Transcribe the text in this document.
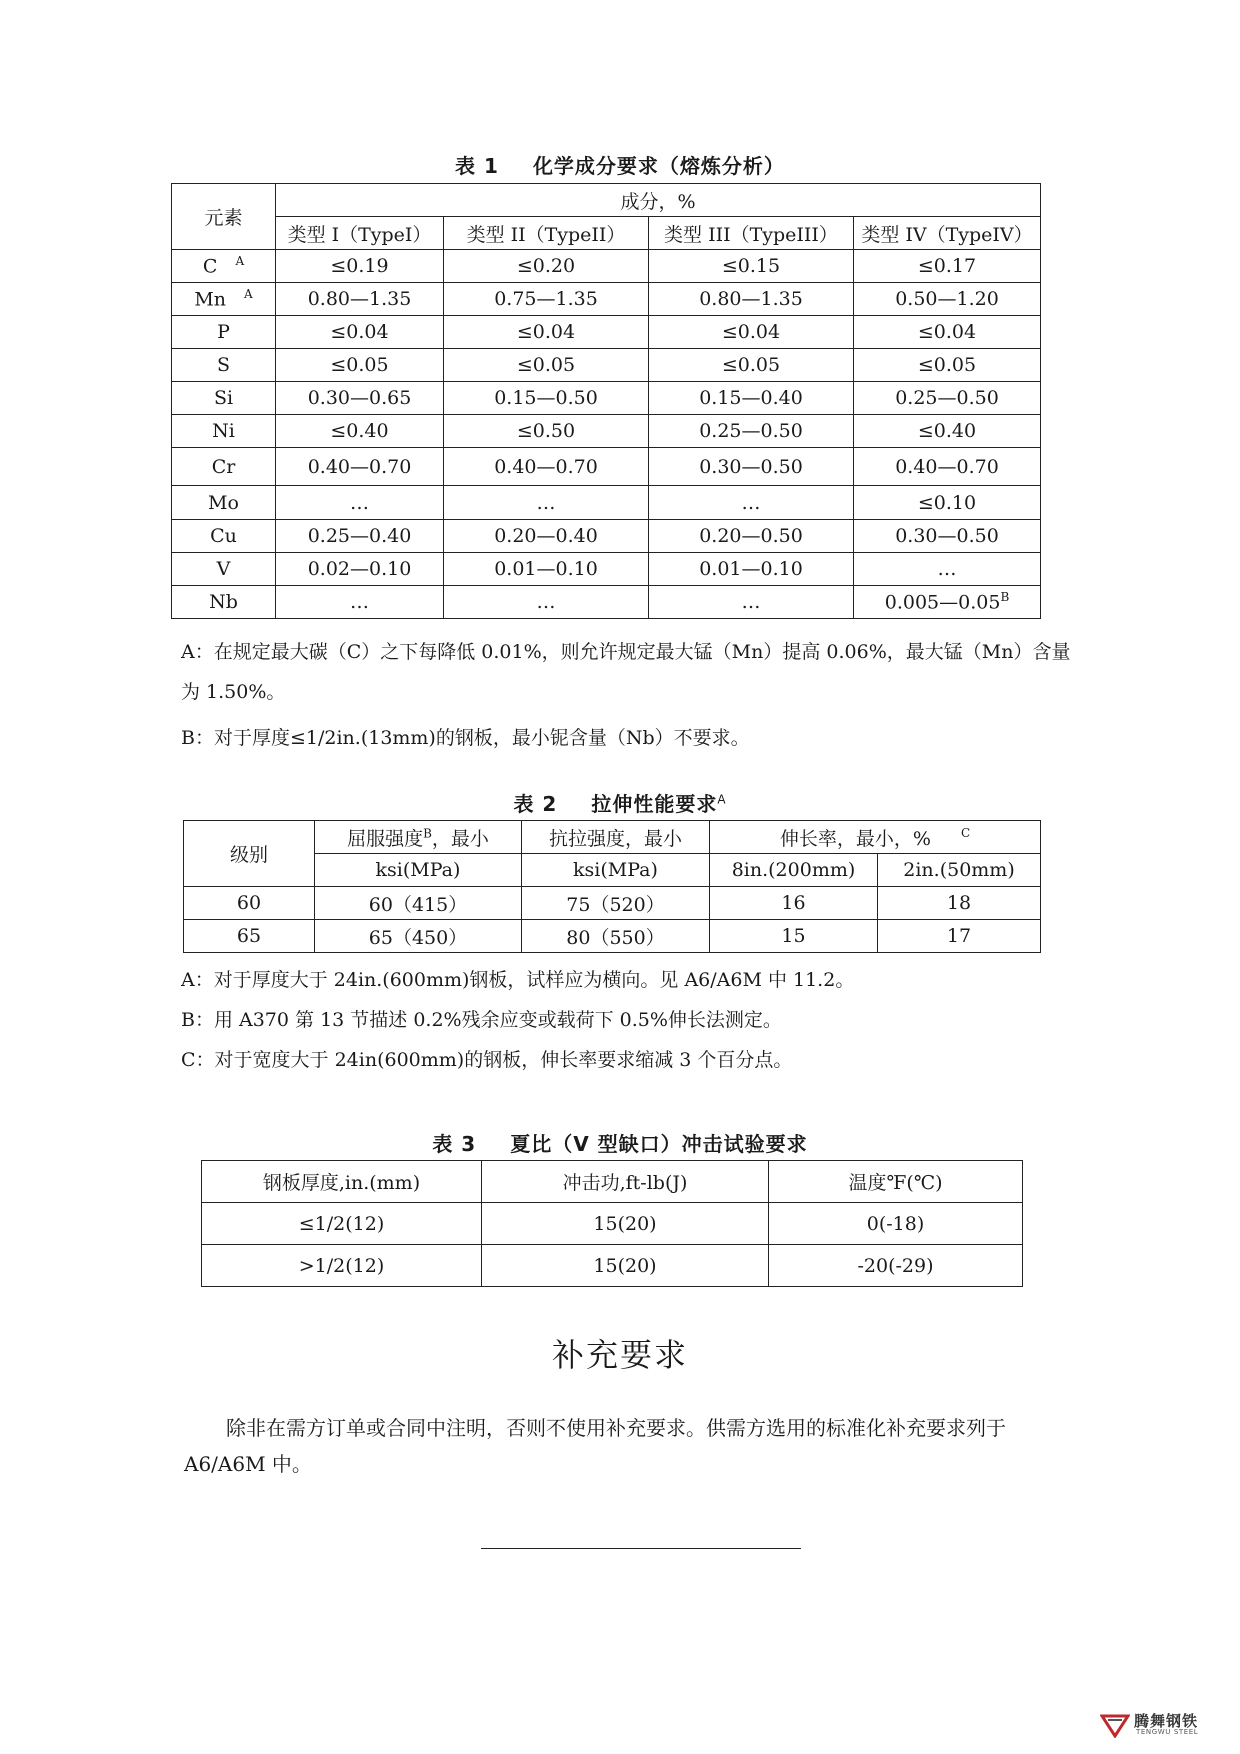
表 1 化学成分要求（熔炼分析）
元素	成分，%			
	类型 I（TypeI）	类型 II（TypeII）	类型 III（TypeIII）	类型 IV（TypeIV）
C $^A$	≤0.19	≤0.20	≤0.15	≤0.17
Mn $^A$	0.80—1.35	0.75—1.35	0.80—1.35	0.50—1.20
P	≤0.04	≤0.04	≤0.04	≤0.04
S	≤0.05	≤0.05	≤0.05	≤0.05
Si	0.30—0.65	0.15—0.50	0.15—0.40	0.25—0.50
Ni	≤0.40	≤0.50	0.25—0.50	≤0.40
Cr	0.40—0.70	0.40—0.70	0.30—0.50	0.40—0.70
Mo	…	…	…	≤0.10
Cu	0.25—0.40	0.20—0.40	0.20—0.50	0.30—0.50
V	0.02—0.10	0.01—0.10	0.01—0.10	…
Nb	…	…	…	$0.005—0.05^B$
A：在规定最大碳（C）之下每降低 0.01%，则允许规定最大锰（Mn）提高 0.06%，最大锰（Mn）含量为 1.50%。
B：对于厚度≤1/2in.(13mm)的钢板，最小铌含量（Nb）不要求。
表 2 拉伸性能要求$^A$
级别	屈服强度$^B$，最小	抗拉强度，最小	伸长率，最小，% $^C$
	ksi(MPa)	ksi(MPa)	8in.(200mm)	2in.(50mm)
60	60（415）	75（520）	16	18
65	65（450）	80（550）	15	17
A：对于厚度大于 24in.(600mm)钢板，试样应为横向。见 A6/A6M 中 11.2。
B：用 A370 第 13 节描述 0.2%残余应变或载荷下 0.5%伸长法测定。
C：对于宽度大于 24in(600mm)的钢板，伸长率要求缩减 3 个百分点。
表 3 夏比（V 型缺口）冲击试验要求
钢板厚度,in.(mm)	冲击功,ft-lb(J)	温度℉(℃)
≤1/2(12)	15(20)	0(-18)
>1/2(12)	15(20)	-20(-29)
补充要求
除非在需方订单或合同中注明，否则不使用补充要求。供需方选用的标准化补充要求列于 A6/A6M 中。
腾舞钢铁
TENGWU STEEL
